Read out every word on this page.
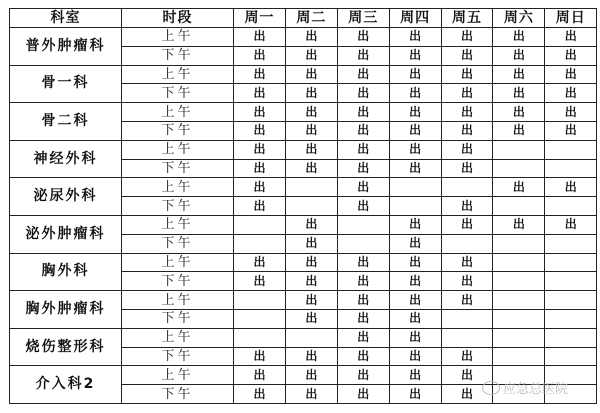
科室	时段	周一	周二	周三	周四	周五	周六	周日
普外肿瘤科	上午	出	出	出	出	出	出	出
	下午	出	出	出	出	出	出	出
骨一科	上午	出	出	出	出	出	出	出
	下午	出	出	出	出	出	出	出
骨二科	上午	出	出	出	出	出	出	出
	下午	出	出	出	出	出	出	出
神经外科	上午	出	出	出	出	出		
	下午	出	出	出	出	出		
泌尿外科	上午	出		出			出	出
	下午	出		出		出		
泌外肿瘤科	上午		出		出	出	出	出
	下午		出		出			
胸外科	上午	出	出	出	出	出		
	下午	出	出	出	出	出		
胸外肿瘤科	上午		出	出	出	出		
	下午		出	出	出			
烧伤整形科	上午			出	出			
	下午	出	出	出	出	出		
介入科2	上午	出	出	出	出	出		
	下午	出	出	出	出	出		应急总医院
